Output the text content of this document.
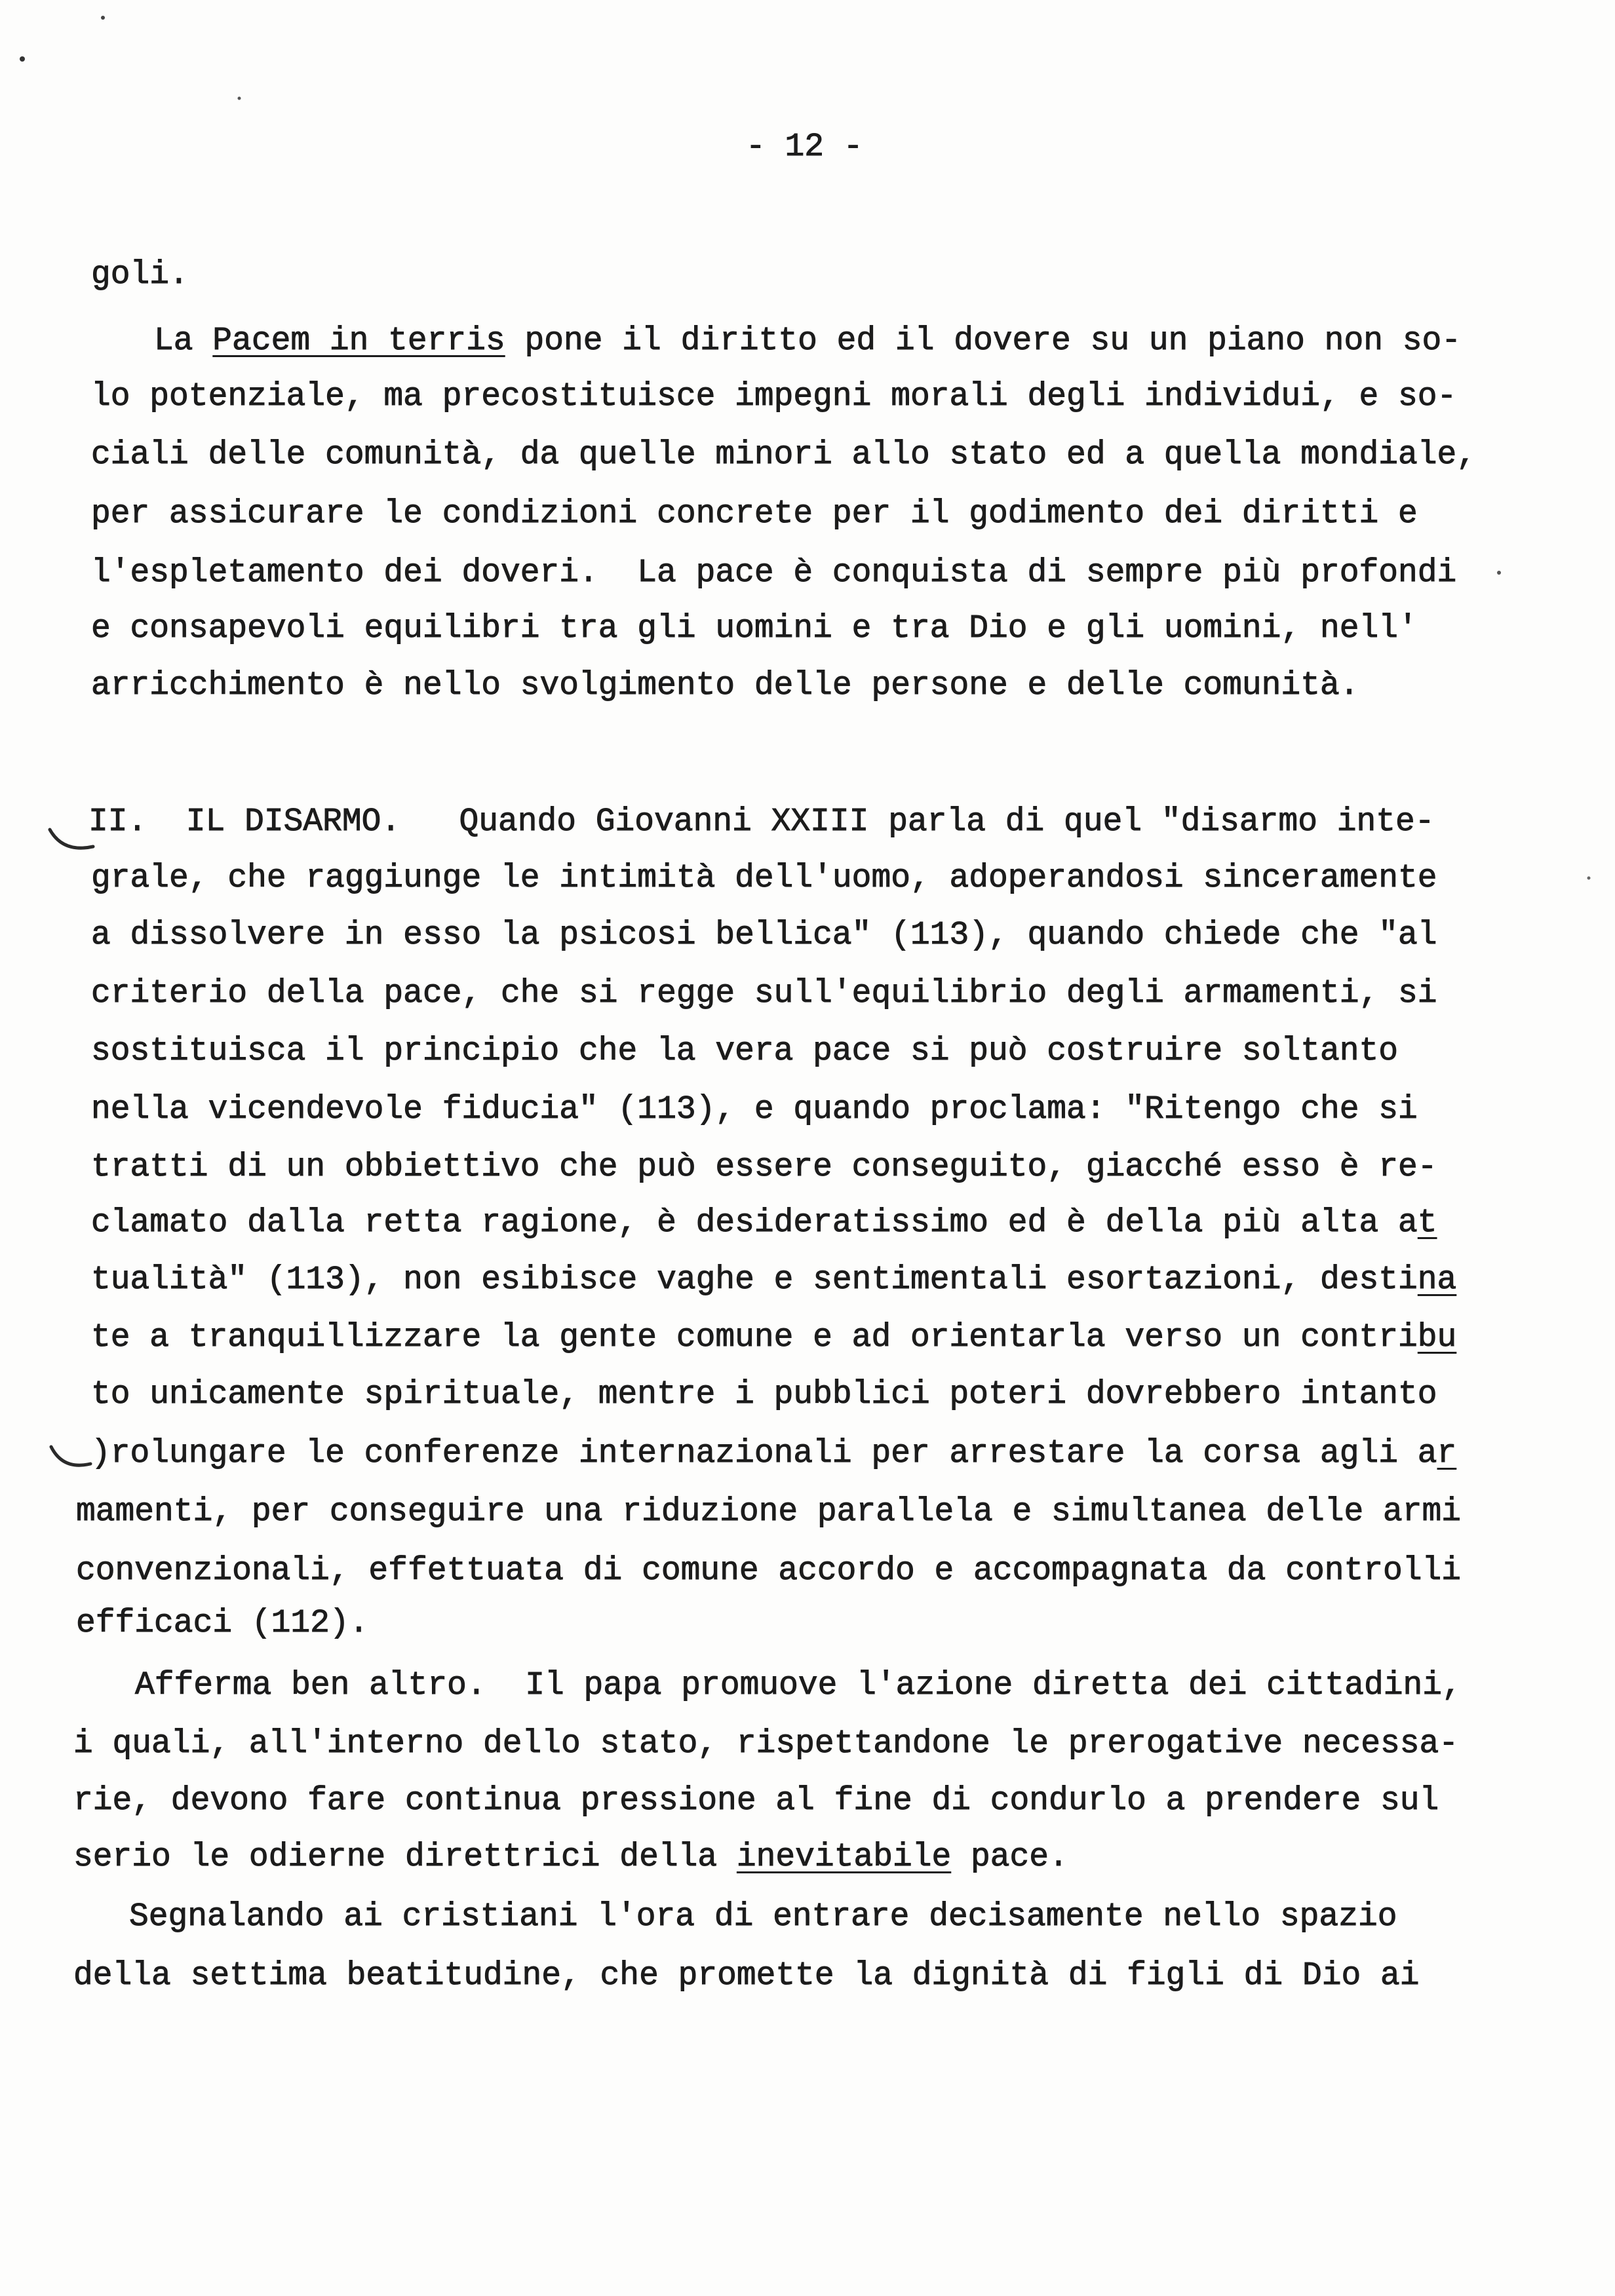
- 12 -
goli.
La Pacem in terris pone il diritto ed il dovere su un piano non so-
lo potenziale, ma precostituisce impegni morali degli individui, e so-
ciali delle comunità, da quelle minori allo stato ed a quella mondiale,
per assicurare le condizioni concrete per il godimento dei diritti e
l'espletamento dei doveri.  La pace è conquista di sempre più profondi
e consapevoli equilibri tra gli uomini e tra Dio e gli uomini, nell'
arricchimento è nello svolgimento delle persone e delle comunità.
II.  IL DISARMO.   Quando Giovanni XXIII parla di quel "disarmo inte-
grale, che raggiunge le intimità dell'uomo, adoperandosi sinceramente
a dissolvere in esso la psicosi bellica" (113), quando chiede che "al
criterio della pace, che si regge sull'equilibrio degli armamenti, si
sostituisca il principio che la vera pace si può costruire soltanto
nella vicendevole fiducia" (113), e quando proclama: "Ritengo che si
tratti di un obbiettivo che può essere conseguito, giacché esso è re-
clamato dalla retta ragione, è desideratissimo ed è della più alta at
tualità" (113), non esibisce vaghe e sentimentali esortazioni, destina
te a tranquillizzare la gente comune e ad orientarla verso un contribu
to unicamente spirituale, mentre i pubblici poteri dovrebbero intanto
)rolungare le conferenze internazionali per arrestare la corsa agli ar
mamenti, per conseguire una riduzione parallela e simultanea delle armi
convenzionali, effettuata di comune accordo e accompagnata da controlli
efficaci (112).
Afferma ben altro.  Il papa promuove l'azione diretta dei cittadini,
i quali, all'interno dello stato, rispettandone le prerogative necessa-
rie, devono fare continua pressione al fine di condurlo a prendere sul
serio le odierne direttrici della inevitabile pace.
Segnalando ai cristiani l'ora di entrare decisamente nello spazio
della settima beatitudine, che promette la dignità di figli di Dio ai
